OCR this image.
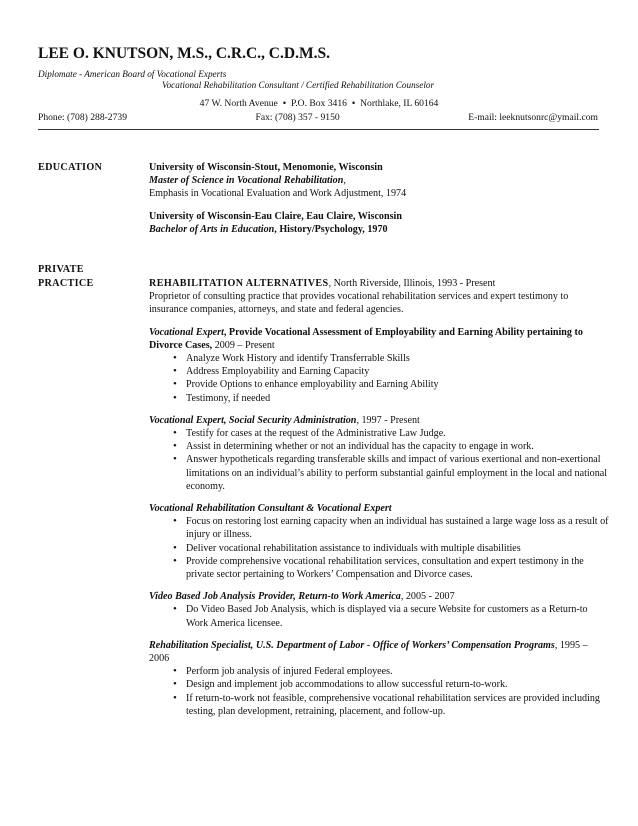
LEE O. KNUTSON, M.S., C.R.C., C.D.M.S.
Diplomate - American Board of Vocational Experts
Vocational Rehabilitation Consultant / Certified Rehabilitation Counselor
47 W. North Avenue • P.O. Box 3416 • Northlake, IL 60164
Phone: (708) 288-2739	Fax: (708) 357 - 9150	E-mail: leeknutsonrc@ymail.com
EDUCATION	University of Wisconsin-Stout, Menomonie, Wisconsin
Master of Science in Vocational Rehabilitation,
Emphasis in Vocational Evaluation and Work Adjustment, 1974
University of Wisconsin-Eau Claire, Eau Claire, Wisconsin
Bachelor of Arts in Education, History/Psychology, 1970
PRIVATE
PRACTICE	REHABILITATION ALTERNATIVES, North Riverside, Illinois, 1993 - Present
Proprietor of consulting practice that provides vocational rehabilitation services and expert testimony to insurance companies, attorneys, and state and federal agencies.
Vocational Expert, Provide Vocational Assessment of Employability and Earning Ability pertaining to Divorce Cases, 2009 – Present
• Analyze Work History and identify Transferrable Skills
• Address Employability and Earning Capacity
• Provide Options to enhance employability and Earning Ability
• Testimony, if needed
Vocational Expert, Social Security Administration, 1997 - Present
• Testify for cases at the request of the Administrative Law Judge.
• Assist in determining whether or not an individual has the capacity to engage in work.
• Answer hypotheticals regarding transferable skills and impact of various exertional and non-exertional limitations on an individual’s ability to perform substantial gainful employment in the local and national economy.
Vocational Rehabilitation Consultant & Vocational Expert
• Focus on restoring lost earning capacity when an individual has sustained a large wage loss as a result of injury or illness.
• Deliver vocational rehabilitation assistance to individuals with multiple disabilities
• Provide comprehensive vocational rehabilitation services, consultation and expert testimony in the private sector pertaining to Workers’ Compensation and Divorce cases.
Video Based Job Analysis Provider, Return-to Work America, 2005 - 2007
• Do Video Based Job Analysis, which is displayed via a secure Website for customers as a Return-to Work America licensee.
Rehabilitation Specialist, U.S. Department of Labor - Office of Workers’ Compensation Programs, 1995 – 2006
• Perform job analysis of injured Federal employees.
• Design and implement job accommodations to allow successful return-to-work.
• If return-to-work not feasible, comprehensive vocational rehabilitation services are provided including testing, plan development, retraining, placement, and follow-up.
